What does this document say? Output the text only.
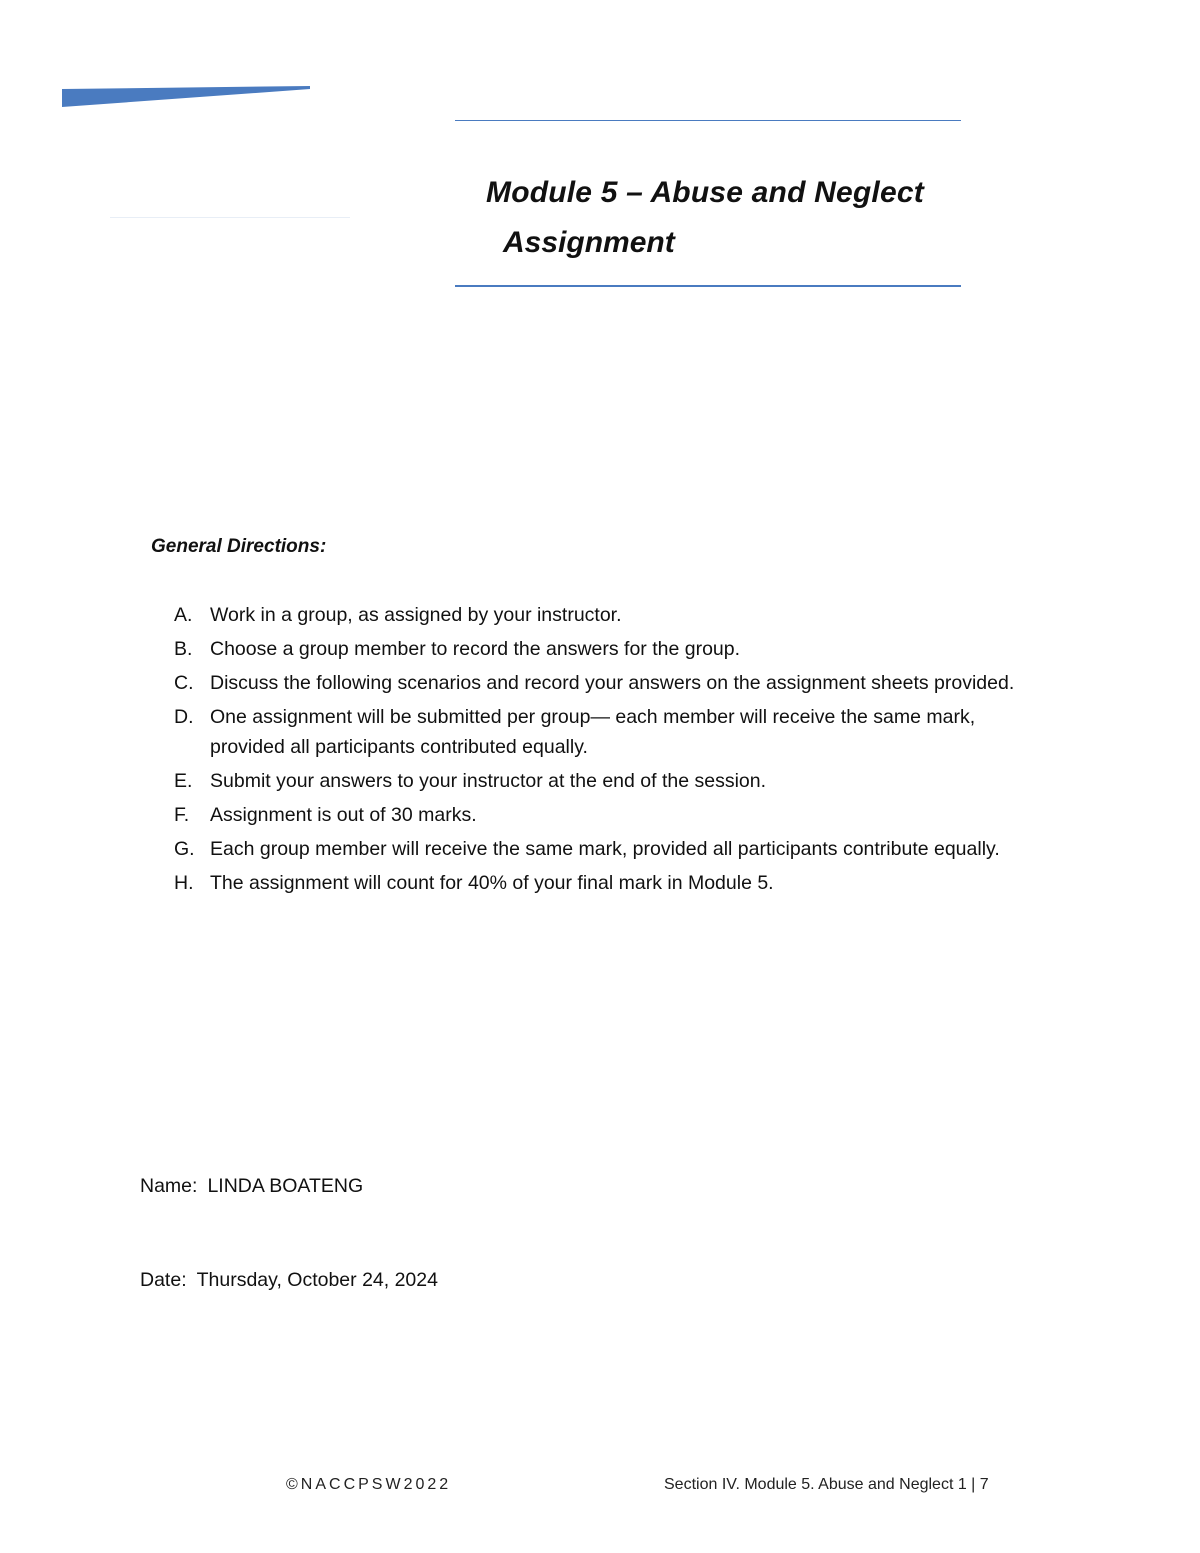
Module 5 – Abuse and Neglect
Assignment
General Directions:
A. Work in a group, as assigned by your instructor.
B. Choose a group member to record the answers for the group.
C. Discuss the following scenarios and record your answers on the assignment sheets provided.
D. One assignment will be submitted per group— each member will receive the same mark, provided all participants contributed equally.
E. Submit your answers to your instructor at the end of the session.
F. Assignment is out of 30 marks.
G. Each group member will receive the same mark, provided all participants contribute equally.
H. The assignment will count for 40% of your final mark in Module 5.
Name: LINDA BOATENG
Date: Thursday, October 24, 2024
©NACCPSW2022	Section IV. Module 5. Abuse and Neglect 1 | 7
